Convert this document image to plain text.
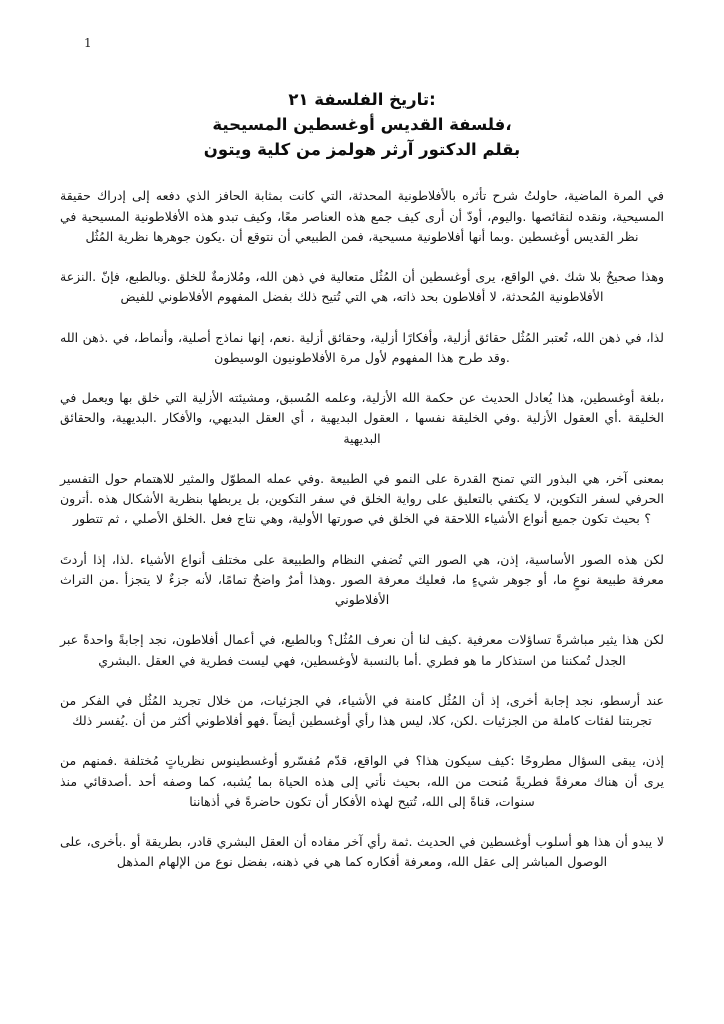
1
:تاريخ الفلسفة ٢١
،فلسفة القديس أوغسطين المسيحية
بقلم الدكتور آرثر هولمز من كلية ويتون

في المرة الماضية، حاولتُ شرح تأثره بالأفلاطونية المحدثة، التي كانت بمثابة الحافز الذي دفعه إلى إدراك حقيقة المسيحية، ونقده لنقائصها .واليوم، أودّ أن أرى كيف جمع هذه العناصر معًا، وكيف تبدو هذه الأفلاطونية المسيحية في نظر القديس أوغسطين .وبما أنها أفلاطونية مسيحية، فمن الطبيعي أن نتوقع أن .يكون جوهرها نظرية المُثُل

وهذا صحيحٌ بلا شك .في الواقع، يرى أوغسطين أن المُثُل متعالية في ذهن الله، ومُلازمةٌ للخلق .وبالطبع، فإنّ .النزعة الأفلاطونية المُحدثة، لا أفلاطون بحد ذاته، هي التي تُتيح ذلك بفضل المفهوم الأفلاطوني للفيض

لذا، في ذهن الله، تُعتبر المُثُل حقائق أزلية، وأفكارًا أزلية، وحقائق أزلية .نعم، إنها نماذج أصلية، وأنماط، في .ذهن الله .وقد طرح هذا المفهوم لأول مرة الأفلاطونيون الوسيطون

،بلغة أوغسطين، هذا يُعادل الحديث عن حكمة الله الأزلية، وعلمه المُسبق، ومشيئته الأزلية التي خلق بها ويعمل في الخليقة .أي العقول الأزلية .وفي الخليقة نفسها ، العقول البديهية ، أي العقل البديهي، والأفكار .البديهية، والحقائق البديهية

بمعنى آخر، هي البذور التي تمنح القدرة على النمو في الطبيعة .وفي عمله المطوّل والمثير للاهتمام حول التفسير الحرفي لسفر التكوين، لا يكتفي بالتعليق على رواية الخلق في سفر التكوين، بل يربطها بنظرية الأشكال هذه .أترون ؟ بحيث تكون جميع أنواع الأشياء اللاحقة في الخلق في صورتها الأولية، وهي نتاج فعل .الخلق الأصلي ، ثم تتطور

لكن هذه الصور الأساسية، إذن، هي الصور التي تُضفي النظام والطبيعة على مختلف أنواع الأشياء .لذا، إذا أردتَ معرفة طبيعة نوعٍ ما، أو جوهر شيءٍ ما، فعليك معرفة الصور .وهذا أمرٌ واضحٌ تمامًا، لأنه جزءٌ لا يتجزأ .من التراث الأفلاطوني

لكن هذا يثير مباشرةً تساؤلات معرفية .كيف لنا أن نعرف المُثُل؟ وبالطبع، في أعمال أفلاطون، نجد إجابةً واحدةً عبر الجدل تُمكننا من استذكار ما هو فطري .أما بالنسبة لأوغسطين، فهي ليست فطرية في العقل .البشري

عند أرسطو، نجد إجابة أخرى، إذ أن المُثُل كامنة في الأشياء، في الجزئيات، من خلال تجريد المُثُل في الفكر من تجربتنا لفئات كاملة من الجزئيات .لكن، كلا، ليس هذا رأي أوغسطين أيضاً .فهو أفلاطوني أكثر من أن .يُفسر ذلك

إذن، يبقى السؤال مطروحًا :كيف سيكون هذا؟ في الواقع، قدّم مُفسّرو أوغسطينوس نظرياتٍ مُختلفة .فمنهم من يرى أن هناك معرفةً فطريةً مُنحت من الله، بحيث نأتي إلى هذه الحياة بما يُشبه، كما وصفه أحد .أصدقائي منذ سنوات، قناةً إلى الله، تُتيح لهذه الأفكار أن تكون حاضرةً في أذهاننا

لا يبدو أن هذا هو أسلوب أوغسطين في الحديث .ثمة رأي آخر مفاده أن العقل البشري قادر، بطريقة أو .بأخرى، على الوصول المباشر إلى عقل الله، ومعرفة أفكاره كما هي في ذهنه، بفضل نوع من الإلهام المذهل
